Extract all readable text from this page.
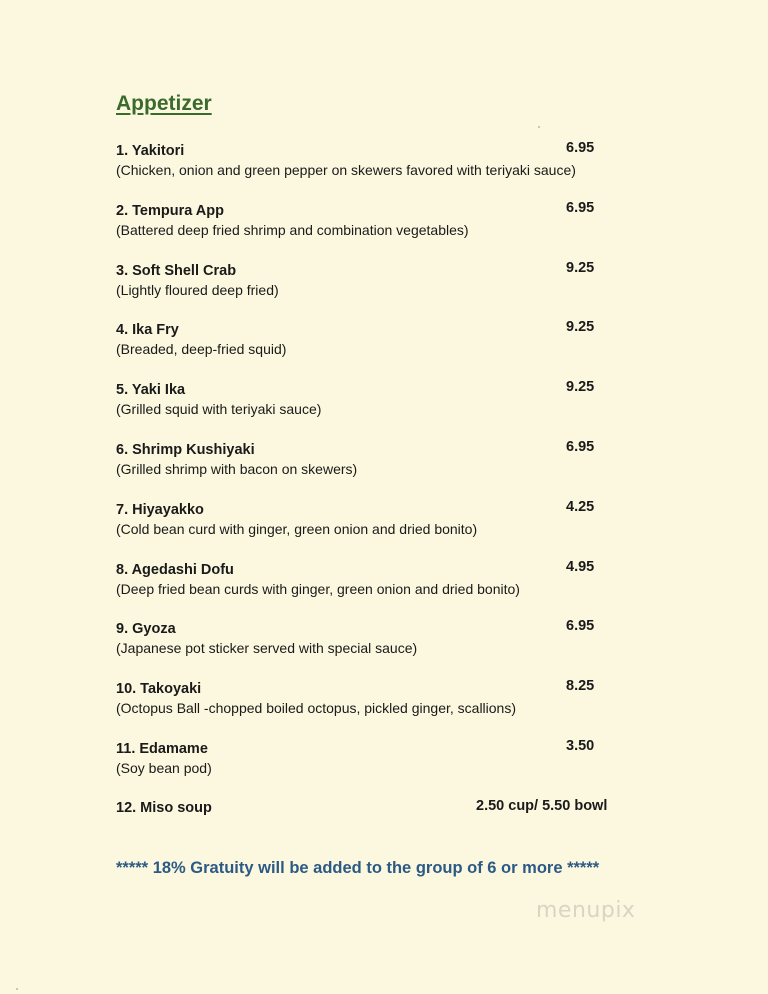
Appetizer
1. Yakitori
(Chicken, onion and green pepper on skewers favored with teriyaki sauce)
6.95
2. Tempura App
(Battered deep fried shrimp and combination vegetables)
6.95
3. Soft Shell Crab
(Lightly floured deep fried)
9.25
4. Ika Fry
(Breaded, deep-fried squid)
9.25
5. Yaki Ika
(Grilled squid with teriyaki sauce)
9.25
6. Shrimp Kushiyaki
(Grilled shrimp with bacon on skewers)
6.95
7. Hiyayakko
(Cold bean curd with ginger, green onion and dried bonito)
4.25
8. Agedashi Dofu
(Deep fried bean curds with ginger, green onion and dried bonito)
4.95
9. Gyoza
(Japanese pot sticker served with special sauce)
6.95
10. Takoyaki
(Octopus Ball -chopped boiled octopus, pickled ginger, scallions)
8.25
11. Edamame
(Soy bean pod)
3.50
12. Miso soup	2.50 cup/ 5.50 bowl
***** 18% Gratuity will be added to the group of 6 or more *****
menupix
